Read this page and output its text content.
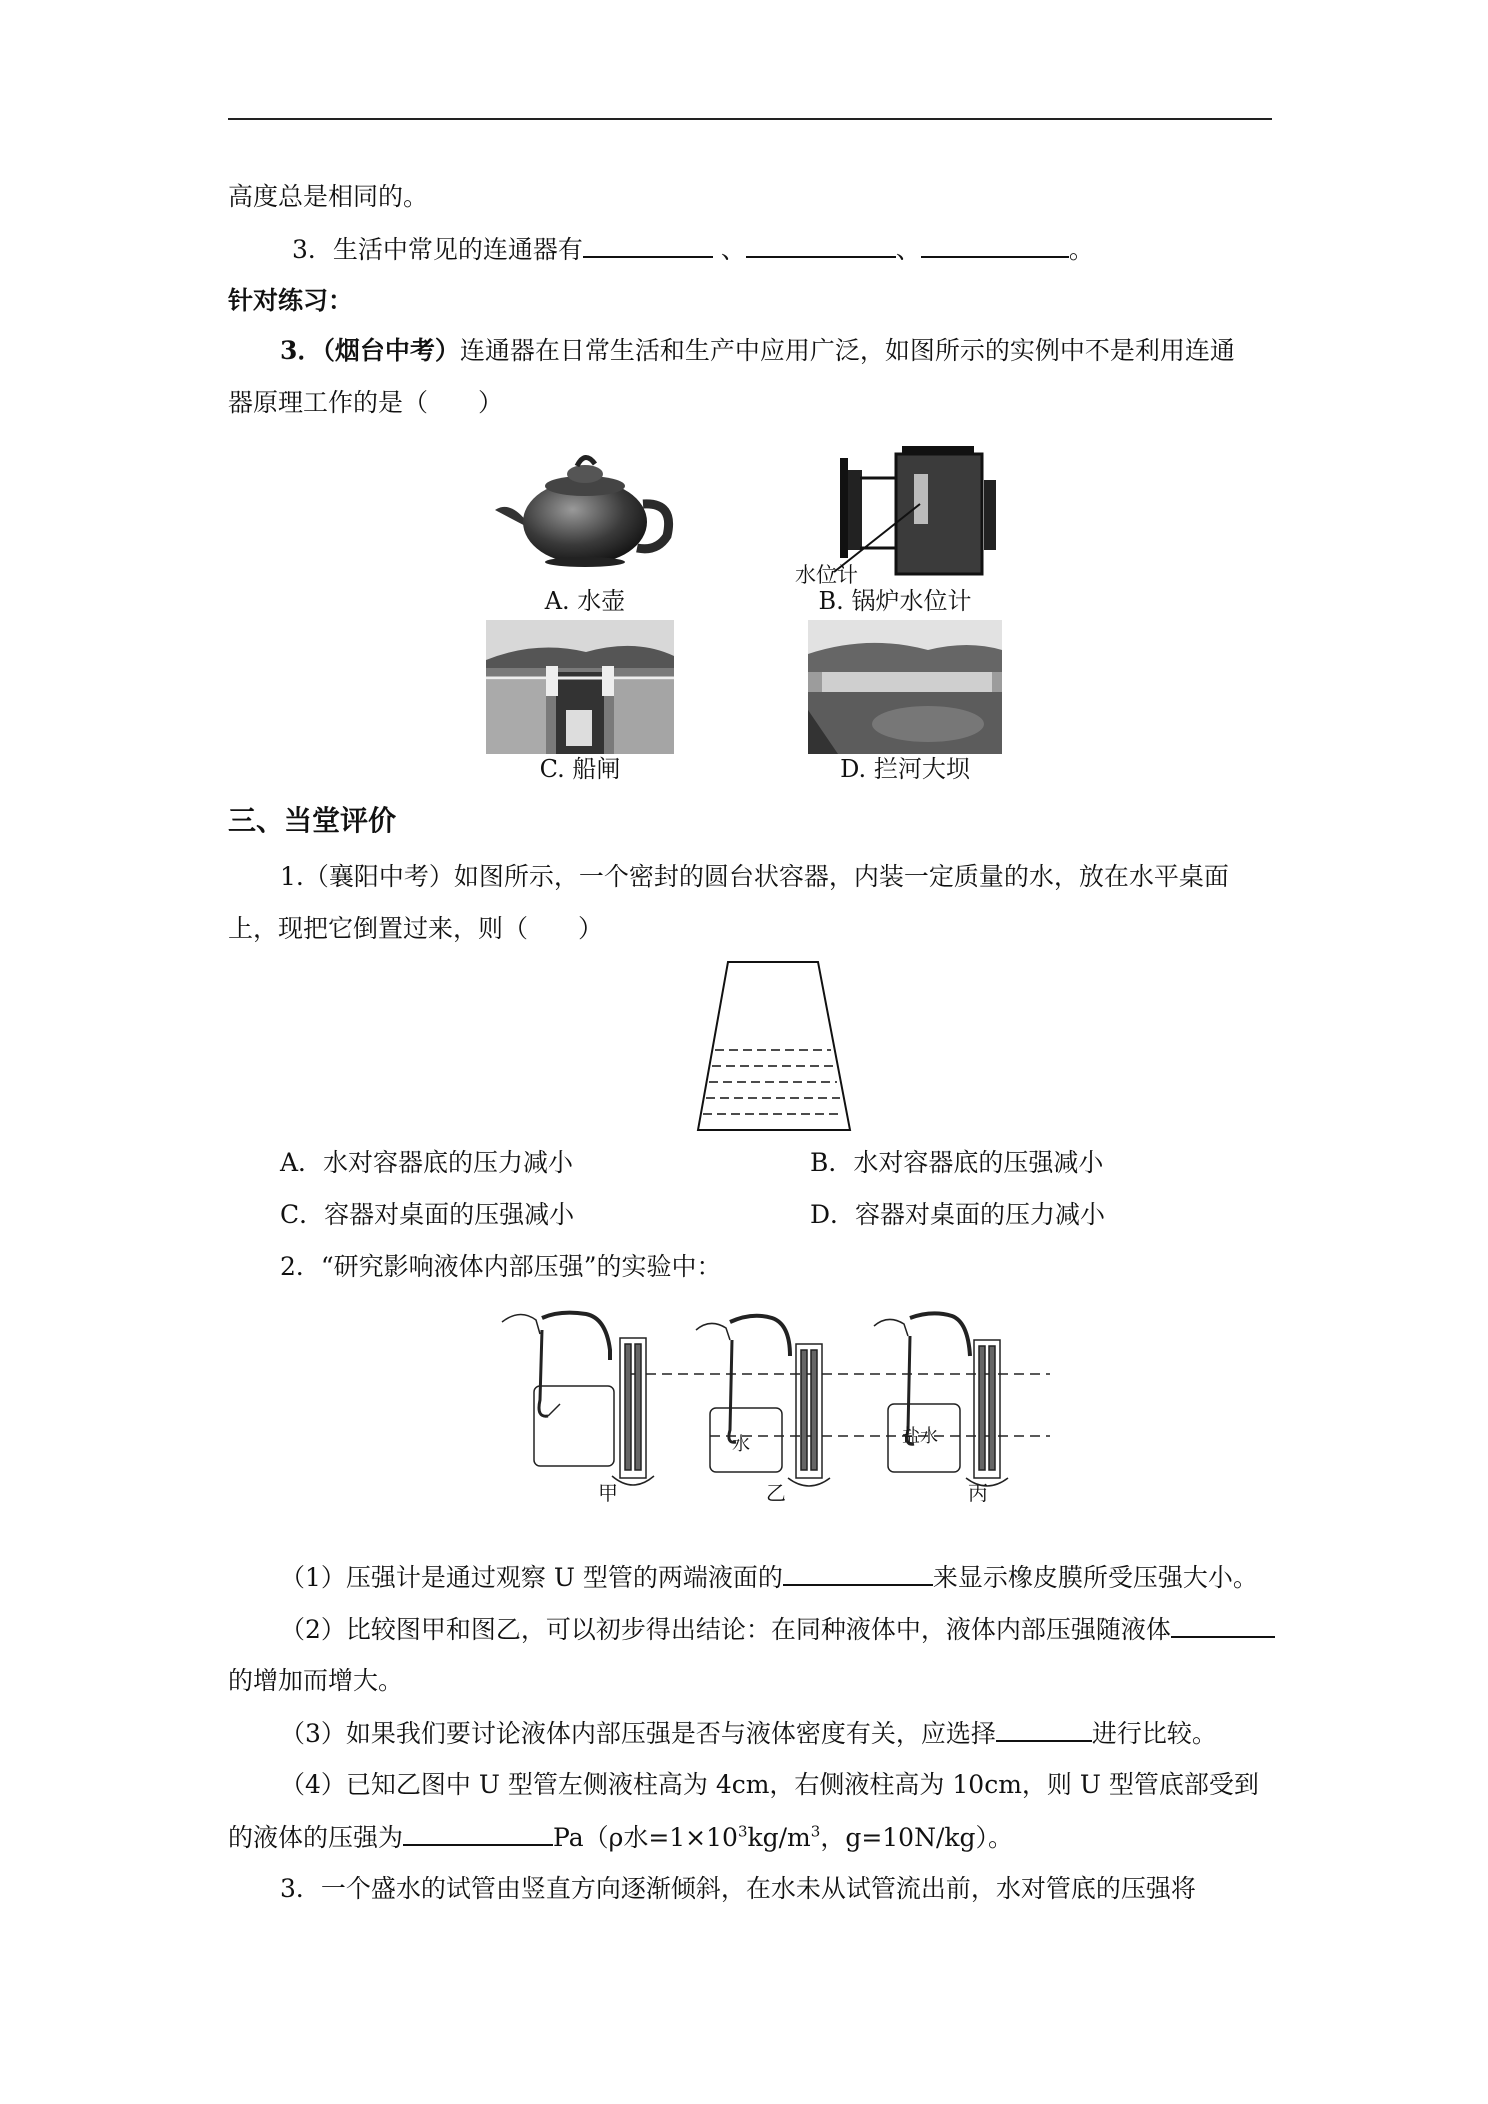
高度总是相同的。
3．生活中常见的连通器有	、	、	。
针对练习：
3．（烟台中考）连通器在日常生活和生产中应用广泛，如图所示的实例中不是利用连通
器原理工作的是（　　）
A. 水壶
水位计
B. 锅炉水位计
C. 船闸	D. 拦河大坝
三、当堂评价
1.（襄阳中考）如图所示，一个密封的圆台状容器，内装一定质量的水，放在水平桌面
上，现把它倒置过来，则（　　）
A．水对容器底的压力减小	B．水对容器底的压强减小
C．容器对桌面的压强减小	D．容器对桌面的压力减小
2．“研究影响液体内部压强”的实验中：
水	盐水
甲	乙	丙
（1）压强计是通过观察 U 型管的两端液面的	来显示橡皮膜所受压强大小。
（2）比较图甲和图乙，可以初步得出结论：在同种液体中，液体内部压强随液体
的增加而增大。
（3）如果我们要讨论液体内部压强是否与液体密度有关，应选择	进行比较。
（4）已知乙图中 U 型管左侧液柱高为 4cm，右侧液柱高为 10cm，则 U 型管底部受到
的液体的压强为	Pa（ρ水$=1\times 10^3kg/m^3$，g=10N/kg）。
3．一个盛水的试管由竖直方向逐渐倾斜，在水未从试管流出前，水对管底的压强将
